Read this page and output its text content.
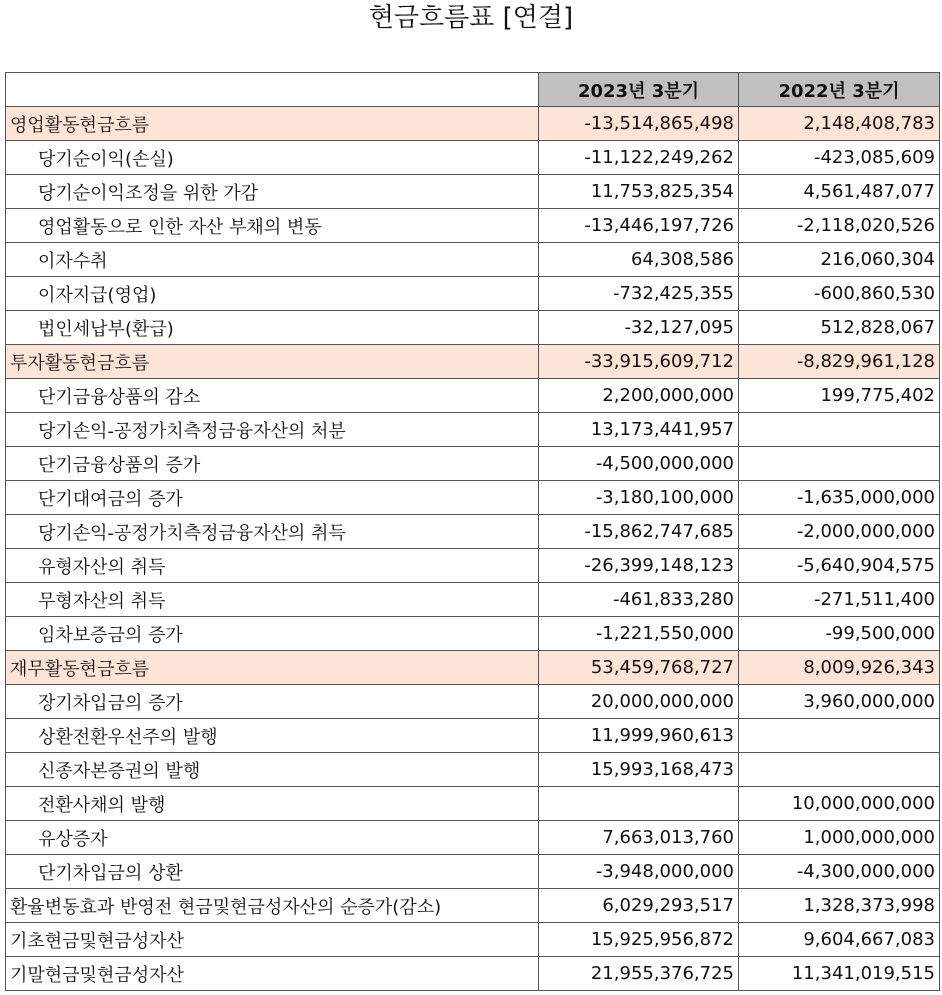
현금흐름표 [연결]
	2023년 3분기	2022년 3분기
영업활동현금흐름	-13,514,865,498	2,148,408,783
당기순이익(손실)	-11,122,249,262	-423,085,609
당기순이익조정을 위한 가감	11,753,825,354	4,561,487,077
영업활동으로 인한 자산 부채의 변동	-13,446,197,726	-2,118,020,526
이자수취	64,308,586	216,060,304
이자지급(영업)	-732,425,355	-600,860,530
법인세납부(환급)	-32,127,095	512,828,067
투자활동현금흐름	-33,915,609,712	-8,829,961,128
단기금융상품의 감소	2,200,000,000	199,775,402
당기손익-공정가치측정금융자산의 처분	13,173,441,957	
단기금융상품의 증가	-4,500,000,000	
단기대여금의 증가	-3,180,100,000	-1,635,000,000
당기손익-공정가치측정금융자산의 취득	-15,862,747,685	-2,000,000,000
유형자산의 취득	-26,399,148,123	-5,640,904,575
무형자산의 취득	-461,833,280	-271,511,400
임차보증금의 증가	-1,221,550,000	-99,500,000
재무활동현금흐름	53,459,768,727	8,009,926,343
장기차입금의 증가	20,000,000,000	3,960,000,000
상환전환우선주의 발행	11,999,960,613	
신종자본증권의 발행	15,993,168,473	
전환사채의 발행		10,000,000,000
유상증자	7,663,013,760	1,000,000,000
단기차입금의 상환	-3,948,000,000	-4,300,000,000
환율변동효과 반영전 현금및현금성자산의 순증가(감소)	6,029,293,517	1,328,373,998
기초현금및현금성자산	15,925,956,872	9,604,667,083
기말현금및현금성자산	21,955,376,725	11,341,019,515
